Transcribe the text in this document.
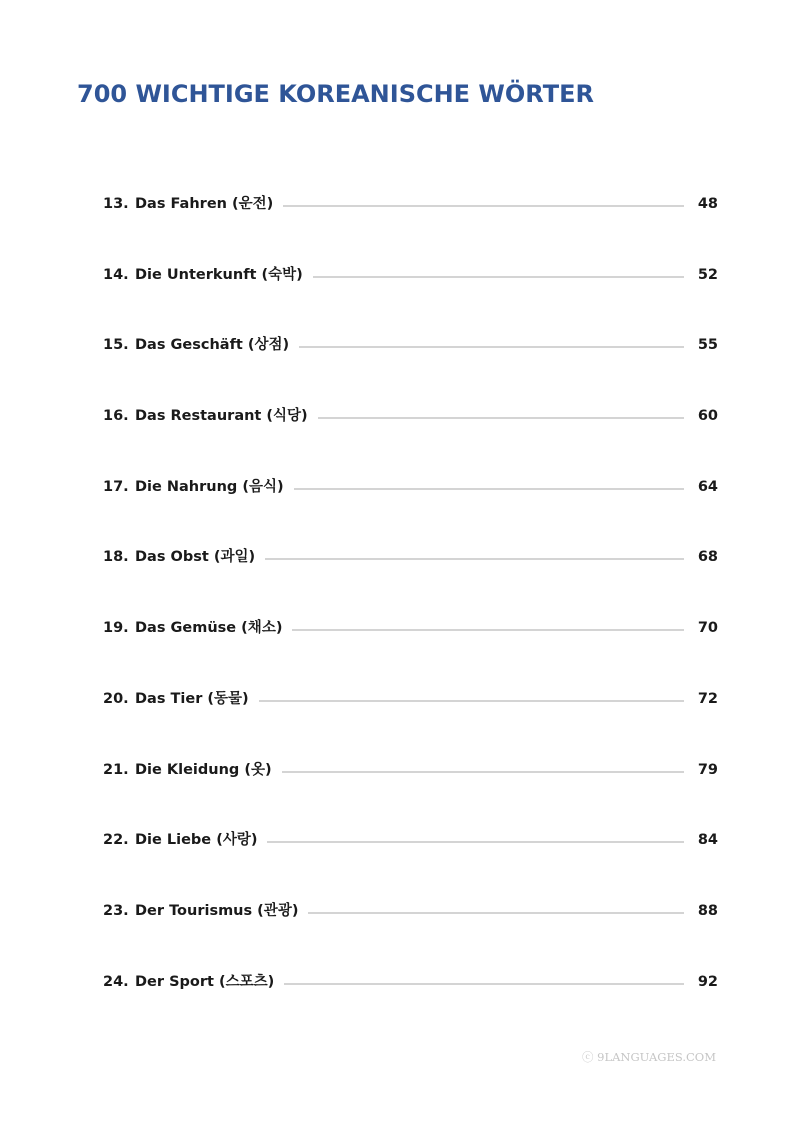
700 WICHTIGE KOREANISCHE WÖRTER
13. Das Fahren (운전)	48
14. Die Unterkunft (숙박)	52
15. Das Geschäft (상점)	55
16. Das Restaurant (식당)	60
17. Die Nahrung (음식)	64
18. Das Obst (과일)	68
19. Das Gemüse (채소)	70
20. Das Tier (동물)	72
21. Die Kleidung (옷)	79
22. Die Liebe (사랑)	84
23. Der Tourismus (관광)	88
24. Der Sport (스포츠)	92
ⓒ 9LANGUAGES.COM
